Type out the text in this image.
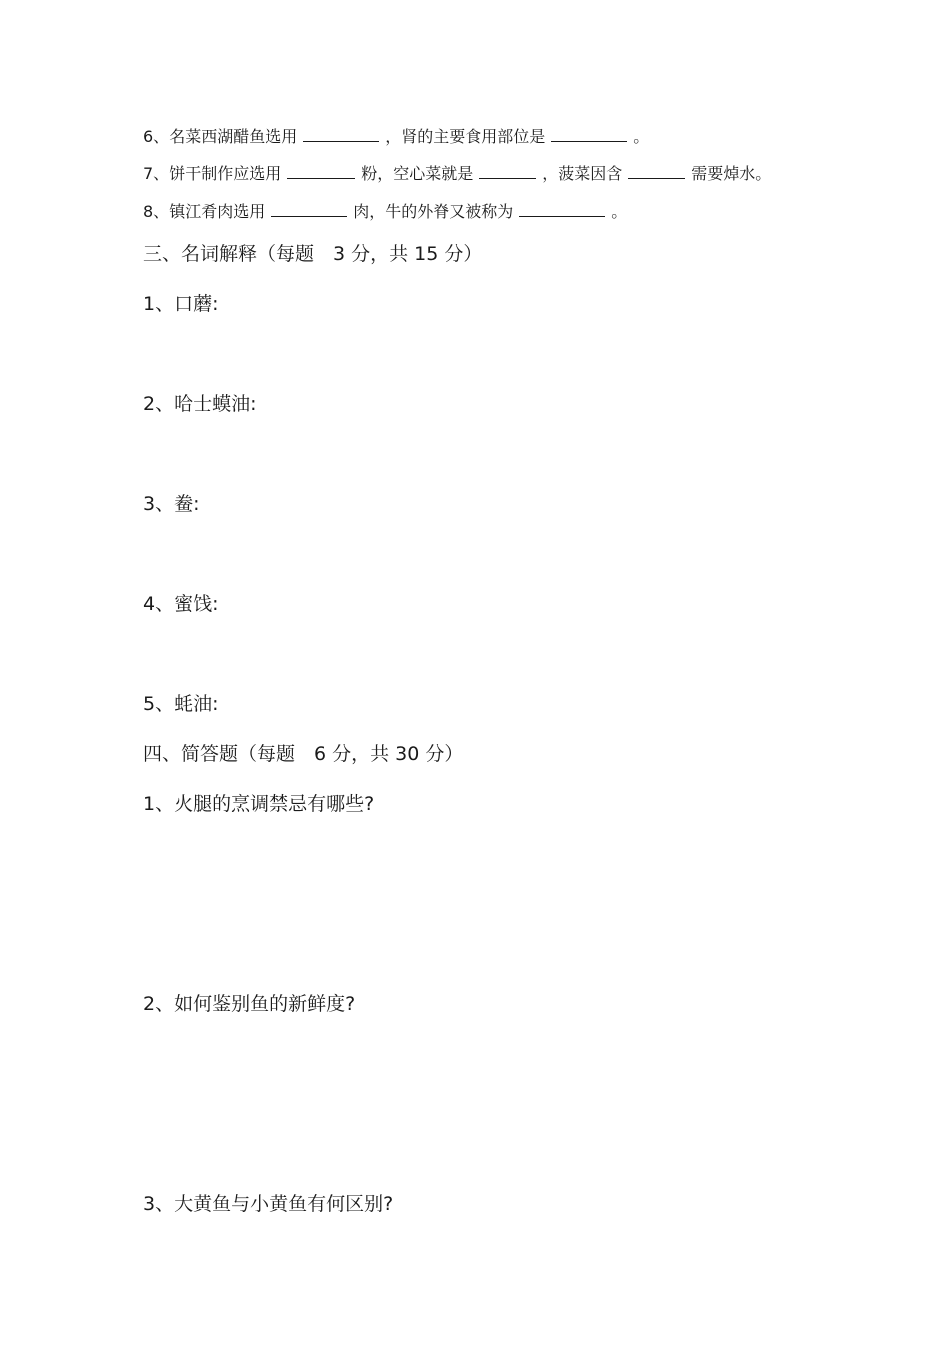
6、名菜西湖醋鱼选用	，肾的主要食用部位是	。
7、饼干制作应选用	粉，空心菜就是	，菠菜因含	需要焯水。
8、镇江肴肉选用	肉，牛的外脊又被称为	。
三、名词解释（每题　3 分，共 15 分）
1、口蘑:
2、哈士蟆油:
3、鲞:
4、蜜饯:
5、蚝油:
四、简答题（每题　6 分，共 30 分）
1、火腿的烹调禁忌有哪些?
2、如何鉴别鱼的新鲜度?
3、大黄鱼与小黄鱼有何区别?
